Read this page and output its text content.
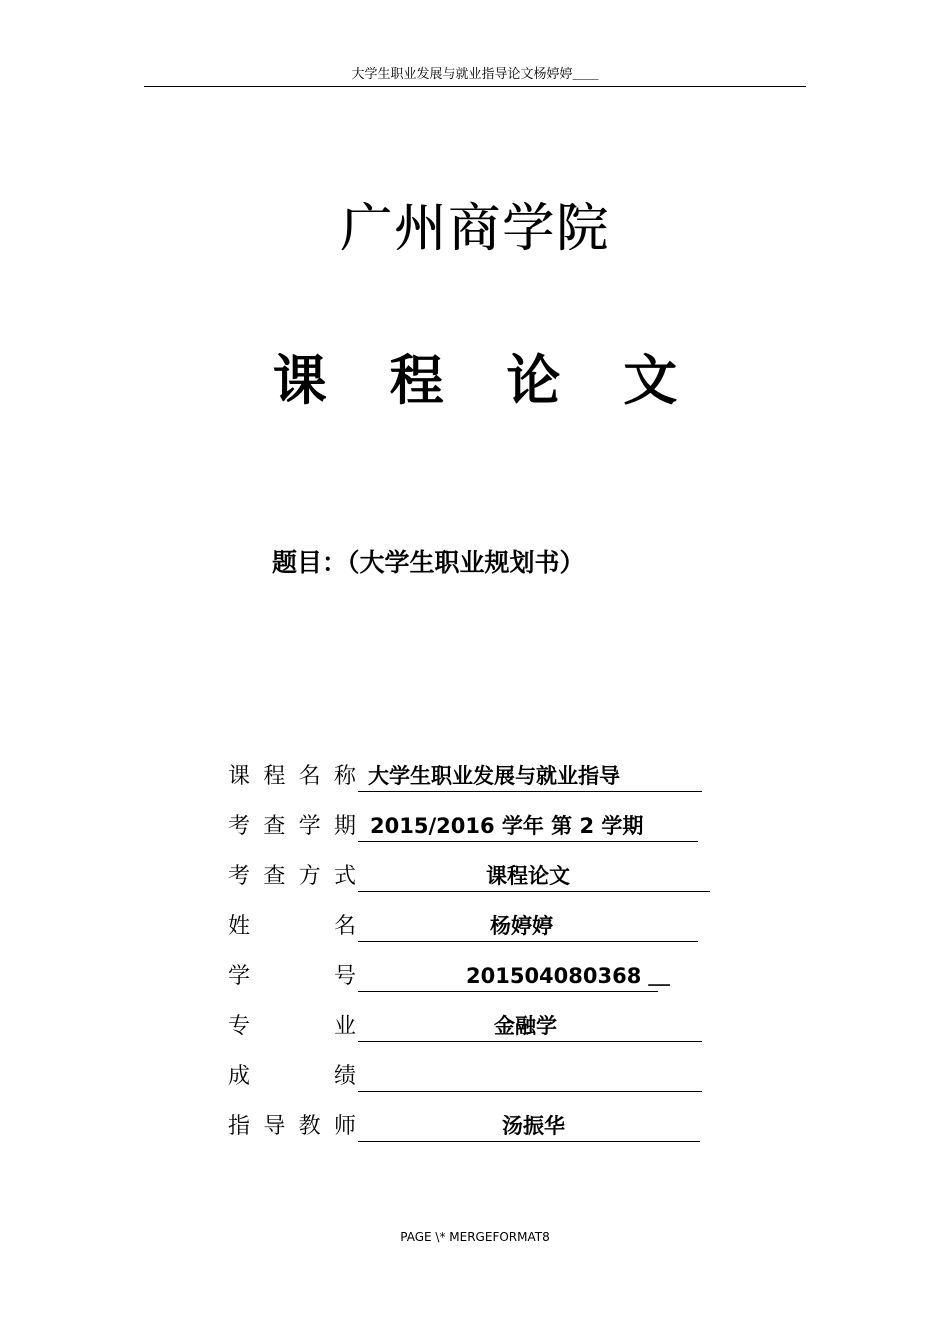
大学生职业发展与就业指导论文杨婷婷＿＿
广州商学院
课 程 论 文
题目：（大学生职业规划书）
课 程 名 称 大学生职业发展与就业指导
考 查 学 期 2015/2016 学年 第 2 学期
考 查 方 式	课程论文
姓	名	杨婷婷
学	号	201504080368 ＿
专	业	金融学
成	绩
指 导 教 师	汤振华
PAGE \* MERGEFORMAT8
